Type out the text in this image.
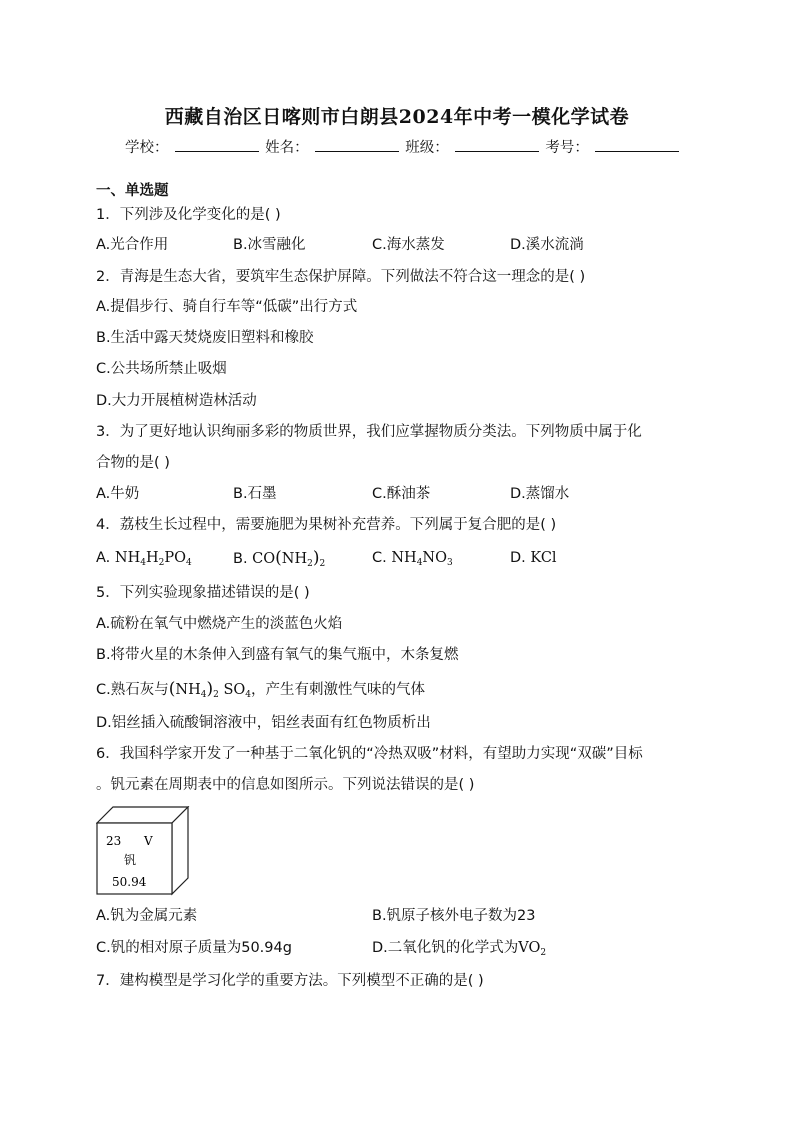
西藏自治区日喀则市白朗县2024年中考一模化学试卷
学校：	姓名：	班级：	考号：
一、单选题
1．下列涉及化学变化的是( )
A.光合作用	B.冰雪融化	C.海水蒸发	D.溪水流淌
2．青海是生态大省，要筑牢生态保护屏障。下列做法不符合这一理念的是( )
A.提倡步行、骑自行车等“低碳”出行方式
B.生活中露天焚烧废旧塑料和橡胶
C.公共场所禁止吸烟
D.大力开展植树造林活动
3．为了更好地认识绚丽多彩的物质世界，我们应掌握物质分类法。下列物质中属于化
合物的是( )
A.牛奶	B.石墨	C.酥油茶	D.蒸馏水
4．荔枝生长过程中，需要施肥为果树补充营养。下列属于复合肥的是( )
A. $NH_4H_2PO_4$	B. $CO(NH_2)_2$	C. $NH_4NO_3$	D. KCl
5．下列实验现象描述错误的是( )
A.硫粉在氧气中燃烧产生的淡蓝色火焰
B.将带火星的木条伸入到盛有氧气的集气瓶中，木条复燃
C.熟石灰与$(NH_4)_2$ $SO_4$，产生有刺激性气味的气体
D.铝丝插入硫酸铜溶液中，铝丝表面有红色物质析出
6．我国科学家开发了一种基于二氧化钒的“冷热双吸”材料，有望助力实现“双碳”目标
。钒元素在周期表中的信息如图所示。下列说法错误的是( )
23 V
钒
50.94
A.钒为金属元素	B.钒原子核外电子数为23
C.钒的相对原子质量为50.94g	D.二氧化钒的化学式为$VO_2$
7．建构模型是学习化学的重要方法。下列模型不正确的是( )
